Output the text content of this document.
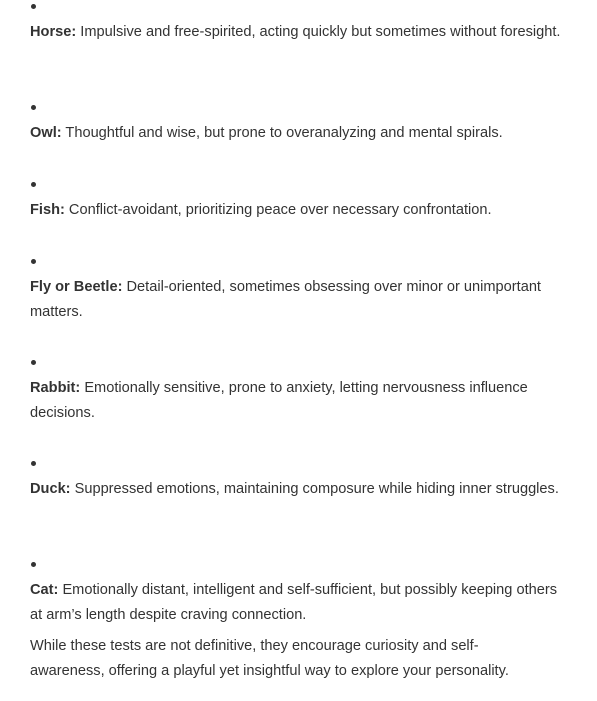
Horse: Impulsive and free-spirited, acting quickly but sometimes without foresight.
Owl: Thoughtful and wise, but prone to overanalyzing and mental spirals.
Fish: Conflict-avoidant, prioritizing peace over necessary confrontation.
Fly or Beetle: Detail-oriented, sometimes obsessing over minor or unimportant matters.
Rabbit: Emotionally sensitive, prone to anxiety, letting nervousness influence decisions.
Duck: Suppressed emotions, maintaining composure while hiding inner struggles.
Cat: Emotionally distant, intelligent and self-sufficient, but possibly keeping others at arm’s length despite craving connection.

While these tests are not definitive, they encourage curiosity and self-awareness, offering a playful yet insightful way to explore your personality.
